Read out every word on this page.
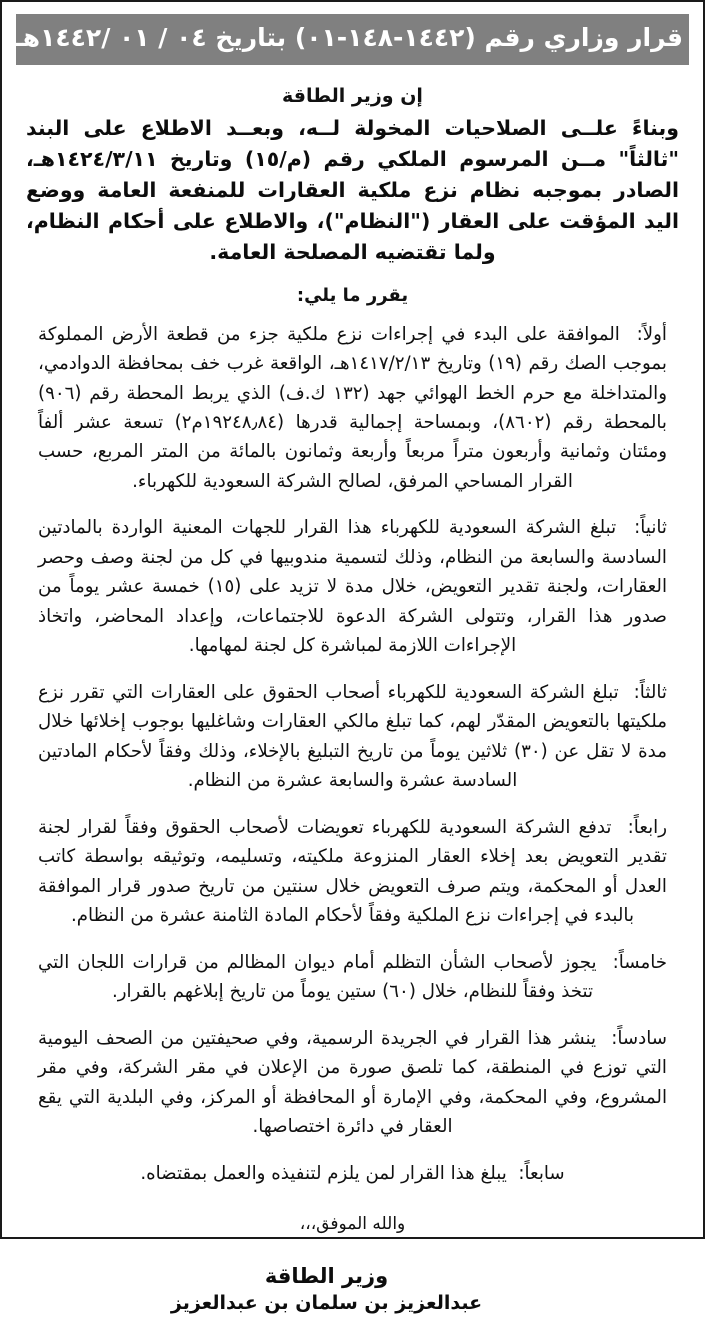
قرار وزاري رقم (١٤٤٢-١٤٨-٠١) بتاريخ ٠٤ / ٠١ /١٤٤٢هـ
إن وزير الطاقة

وبناءً علــى الصلاحيات المخولة لــه، وبعــد الاطلاع على البند "ثالثاً" مــن المرسوم الملكي رقم (م/١٥) وتاريخ ١٤٢٤/٣/١١هـ، الصادر بموجبه نظام نزع ملكية العقارات للمنفعة العامة ووضع اليد المؤقت على العقار ("النظام")، والاطلاع على أحكام النظام، ولما تقتضيه المصلحة العامة.

يقرر ما يلي:

أولاً:الموافقة على البدء في إجراءات نزع ملكية جزء من قطعة الأرض المملوكة بموجب الصك رقم (١٩) وتاريخ ١٤١٧/٢/١٣هـ، الواقعة غرب خف بمحافظة الدوادمي، والمتداخلة مع حرم الخط الهوائي جهد (١٣٢ ك.ف) الذي يربط المحطة رقم (٩٠٦) بالمحطة رقم (٨٦٠٢)، وبمساحة إجمالية قدرها (١٩٢٤٨٫٨٤م٢) تسعة عشر ألفاً ومئتان وثمانية وأربعون متراً مربعاً وأربعة وثمانون بالمائة من المتر المربع، حسب القرار المساحي المرفق، لصالح الشركة السعودية للكهرباء.

ثانياً:تبلغ الشركة السعودية للكهرباء هذا القرار للجهات المعنية الواردة بالمادتين السادسة والسابعة من النظام، وذلك لتسمية مندوبيها في كل من لجنة وصف وحصر العقارات، ولجنة تقدير التعويض، خلال مدة لا تزيد على (١٥) خمسة عشر يوماً من صدور هذا القرار، وتتولى الشركة الدعوة للاجتماعات، وإعداد المحاضر، واتخاذ الإجراءات اللازمة لمباشرة كل لجنة لمهامها.

ثالثاً:تبلغ الشركة السعودية للكهرباء أصحاب الحقوق على العقارات التي تقرر نزع ملكيتها بالتعويض المقدّر لهم، كما تبلغ مالكي العقارات وشاغليها بوجوب إخلائها خلال مدة لا تقل عن (٣٠) ثلاثين يوماً من تاريخ التبليغ بالإخلاء، وذلك وفقاً لأحكام المادتين السادسة عشرة والسابعة عشرة من النظام.

رابعاً:تدفع الشركة السعودية للكهرباء تعويضات لأصحاب الحقوق وفقاً لقرار لجنة تقدير التعويض بعد إخلاء العقار المنزوعة ملكيته، وتسليمه، وتوثيقه بواسطة كاتب العدل أو المحكمة، ويتم صرف التعويض خلال سنتين من تاريخ صدور قرار الموافقة بالبدء في إجراءات نزع الملكية وفقاً لأحكام المادة الثامنة عشرة من النظام.

خامساً:يجوز لأصحاب الشأن التظلم أمام ديوان المظالم من قرارات اللجان التي تتخذ وفقاً للنظام، خلال (٦٠) ستين يوماً من تاريخ إبلاغهم بالقرار.

سادساً:ينشر هذا القرار في الجريدة الرسمية، وفي صحيفتين من الصحف اليومية التي توزع في المنطقة، كما تلصق صورة من الإعلان في مقر الشركة، وفي مقر المشروع، وفي المحكمة، وفي الإمارة أو المحافظة أو المركز، وفي البلدية التي يقع العقار في دائرة اختصاصها.

سابعاً:يبلغ هذا القرار لمن يلزم لتنفيذه والعمل بمقتضاه.

والله الموفق،،،
وزير الطاقة
عبدالعزيز بن سلمان بن عبدالعزيز
